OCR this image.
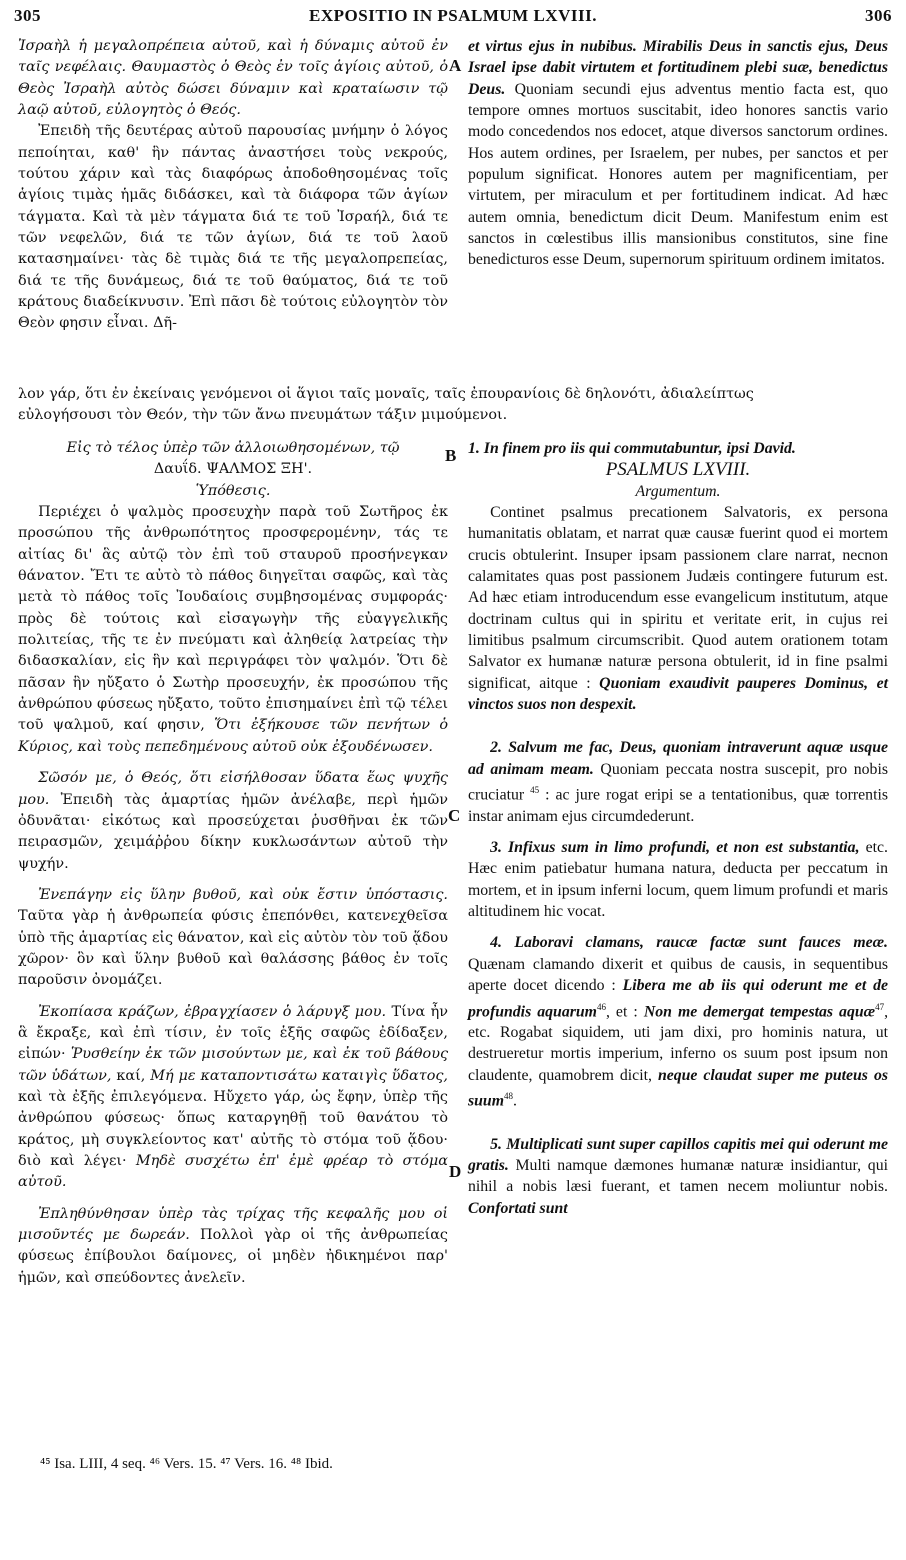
305	EXPOSITIO IN PSALMUM LXVIII.	306
A
B
C
D

Ἰσραὴλ ἡ μεγαλοπρέπεια αὐτοῦ, καὶ ἡ δύναμις αὐτοῦ ἐν ταῖς νεφέλαις. Θαυμαστὸς ὁ Θεὸς ἐν τοῖς ἁγίοις αὐτοῦ, ὁ Θεὸς Ἰσραὴλ αὐτὸς δώσει δύναμιν καὶ κραταίωσιν τῷ λαῷ αὐτοῦ, εὐλογητὸς ὁ Θεός.

Ἐπειδὴ τῆς δευτέρας αὐτοῦ παρουσίας μνήμην ὁ λόγος πεποίηται, καθ' ἣν πάντας ἀναστήσει τοὺς νεκρούς, τούτου χάριν καὶ τὰς διαφόρως ἀποδοθησομένας τοῖς ἁγίοις τιμὰς ἡμᾶς διδάσκει, καὶ τὰ διάφορα τῶν ἁγίων τάγματα. Καὶ τὰ μὲν τάγματα διά τε τοῦ Ἰσραήλ, διά τε τῶν νεφελῶν, διά τε τῶν ἁγίων, διά τε τοῦ λαοῦ κατασημαίνει· τὰς δὲ τιμὰς διά τε τῆς μεγαλοπρεπείας, διά τε τῆς δυνάμεως, διά τε τοῦ θαύματος, διά τε τοῦ κράτους διαδείκνυσιν. Ἐπὶ πᾶσι δὲ τούτοις εὐλογητὸν τὸν Θεὸν φησιν εἶναι. Δῆ-

et virtus ejus in nubibus. Mirabilis Deus in sanctis ejus, Deus Israel ipse dabit virtutem et fortitudinem plebi suæ, benedictus Deus. Quoniam secundi ejus adventus mentio facta est, quo tempore omnes mortuos suscitabit, ideo honores sanctis vario modo concedendos nos edocet, atque diversos sanctorum ordines. Hos autem ordines, per Israelem, per nubes, per sanctos et per populum significat. Honores autem per magnificentiam, per virtutem, per miraculum et per fortitudinem indicat. Ad hæc autem omnia, benedictum dicit Deum. Manifestum enim est sanctos in cœlestibus illis mansionibus constitutos, sine fine benedicturos esse Deum, supernorum spirituum ordinem imitatos.

λον γάρ, ὅτι ἐν ἐκείναις γενόμενοι οἱ ἅγιοι ταῖς μοναῖς, ταῖς ἐπουρανίοις δὲ δηλονότι, ἀδιαλείπτως
εὐλογήσουσι τὸν Θεόν, τὴν τῶν ἄνω πνευμάτων τάξιν μιμούμενοι.

Εἰς τὸ τέλος ὑπὲρ τῶν ἀλλοιωθησομένων, τῷ

Δαυΐδ. ΨΑΛΜΟΣ ΞΗ'.

Ὑπόθεσις.

Περιέχει ὁ ψαλμὸς προσευχὴν παρὰ τοῦ Σωτῆρος ἐκ προσώπου τῆς ἀνθρωπότητος προσφερομένην, τάς τε αἰτίας δι' ἃς αὐτῷ τὸν ἐπὶ τοῦ σταυροῦ προσήνεγκαν θάνατον. Ἔτι τε αὐτὸ τὸ πάθος διηγεῖται σαφῶς, καὶ τὰς μετὰ τὸ πάθος τοῖς Ἰουδαίοις συμβησομένας συμφοράς· πρὸς δὲ τούτοις καὶ εἰσαγωγὴν τῆς εὐαγγελικῆς πολιτείας, τῆς τε ἐν πνεύματι καὶ ἀληθείᾳ λατρείας τὴν διδασκαλίαν, εἰς ἣν καὶ περιγράφει τὸν ψαλμόν. Ὅτι δὲ πᾶσαν ἣν ηὔξατο ὁ Σωτὴρ προσευχήν, ἐκ προσώπου τῆς ἀνθρώπου φύσεως ηὔξατο, τοῦτο ἐπισημαίνει ἐπὶ τῷ τέλει τοῦ ψαλμοῦ, καί φησιν, Ὅτι ἐξήκουσε τῶν πενήτων ὁ Κύριος, καὶ τοὺς πεπεδημένους αὐτοῦ οὐκ ἐξουδένωσεν.

Σῶσόν με, ὁ Θεός, ὅτι εἰσήλθοσαν ὕδατα ἕως ψυχῆς μου. Ἐπειδὴ τὰς ἁμαρτίας ἡμῶν ἀνέλαβε, περὶ ἡμῶν ὀδυνᾶται· εἰκότως καὶ προσεύχεται ῥυσθῆναι ἐκ τῶν πειρασμῶν, χειμάῤῥου δίκην κυκλωσάντων αὐτοῦ τὴν ψυχήν.

Ἐνεπάγην εἰς ὕλην βυθοῦ, καὶ οὐκ ἔστιν ὑπόστασις. Ταῦτα γὰρ ἡ ἀνθρωπεία φύσις ἐπεπόνθει, κατενεχθεῖσα ὑπὸ τῆς ἁμαρτίας εἰς θάνατον, καὶ εἰς αὐτὸν τὸν τοῦ ᾅδου χῶρον· ὃν καὶ ὕλην βυθοῦ καὶ θαλάσσης βάθος ἐν τοῖς παροῦσιν ὀνομάζει.

Ἐκοπίασα κράζων, ἐβραγχίασεν ὁ λάρυγξ μου. Τίνα ἦν ἃ ἔκραξε, καὶ ἐπὶ τίσιν, ἐν τοῖς ἑξῆς σαφῶς ἐδίδαξεν, εἰπών· Ῥυσθείην ἐκ τῶν μισούντων με, καὶ ἐκ τοῦ βάθους τῶν ὑδάτων, καί, Μή με καταποντισάτω καταιγὶς ὕδατος, καὶ τὰ ἐξῆς ἐπιλεγόμενα. Ηὔχετο γάρ, ὡς ἔφην, ὑπὲρ τῆς ἀνθρώπου φύσεως· ὅπως καταργηθῇ τοῦ θανάτου τὸ κράτος, μὴ συγκλείοντος κατ' αὐτῆς τὸ στόμα τοῦ ᾅδου· διὸ καὶ λέγει· Μηδὲ συσχέτω ἐπ' ἐμὲ φρέαρ τὸ στόμα αὐτοῦ.

Ἐπληθύνθησαν ὑπὲρ τὰς τρίχας τῆς κεφαλῆς μου οἱ μισοῦντές με δωρεάν. Πολλοὶ γὰρ οἱ τῆς ἀνθρωπείας φύσεως ἐπίβουλοι δαίμονες, οἱ μηδὲν ἠδικημένοι παρ' ἡμῶν, καὶ σπεύδοντες ἀνελεῖν.

1. In finem pro iis qui commutabuntur, ipsi David.

PSALMUS LXVIII.

Argumentum.

Continet psalmus precationem Salvatoris, ex persona humanitatis oblatam, et narrat quæ causæ fuerint quod ei mortem crucis obtulerint. Insuper ipsam passionem clare narrat, necnon calamitates quas post passionem Judæis contingere futurum est. Ad hæc etiam introducendum esse evangelicum institutum, atque doctrinam cultus qui in spiritu et veritate erit, in cujus rei limitibus psalmum circumscribit. Quod autem orationem totam Salvator ex humanæ naturæ persona obtulerit, id in fine psalmi significat, aitque : Quoniam exaudivit pauperes Dominus, et vinctos suos non despexit.

2. Salvum me fac, Deus, quoniam intraverunt aquæ usque ad animam meam. Quoniam peccata nostra suscepit, pro nobis cruciatur $^{45}$ : ac jure rogat eripi se a tentationibus, quæ torrentis instar animam ejus circumdederunt.

3. Infixus sum in limo profundi, et non est substantia, etc. Hæc enim patiebatur humana natura, deducta per peccatum in mortem, et in ipsum inferni locum, quem limum profundi et maris altitudinem hic vocat.

4. Laboravi clamans, raucæ factæ sunt fauces meæ. Quænam clamando dixerit et quibus de causis, in sequentibus aperte docet dicendo : Libera me ab iis qui oderunt me et de profundis aquarum$^{46}$, et : Non me demergat tempestas aquæ$^{47}$, etc. Rogabat siquidem, uti jam dixi, pro hominis natura, ut destrueretur mortis imperium, inferno os suum post ipsum non claudente, quamobrem dicit, neque claudat super me puteus os suum$^{48}$.

5. Multiplicati sunt super capillos capitis mei qui oderunt me gratis. Multi namque dæmones humanæ naturæ insidiantur, qui nihil a nobis læsi fuerant, et tamen necem moliuntur nobis. Confortati sunt

⁴⁵ Isa. LIII, 4 seq. ⁴⁶ Vers. 15. ⁴⁷ Vers. 16. ⁴⁸ Ibid.
